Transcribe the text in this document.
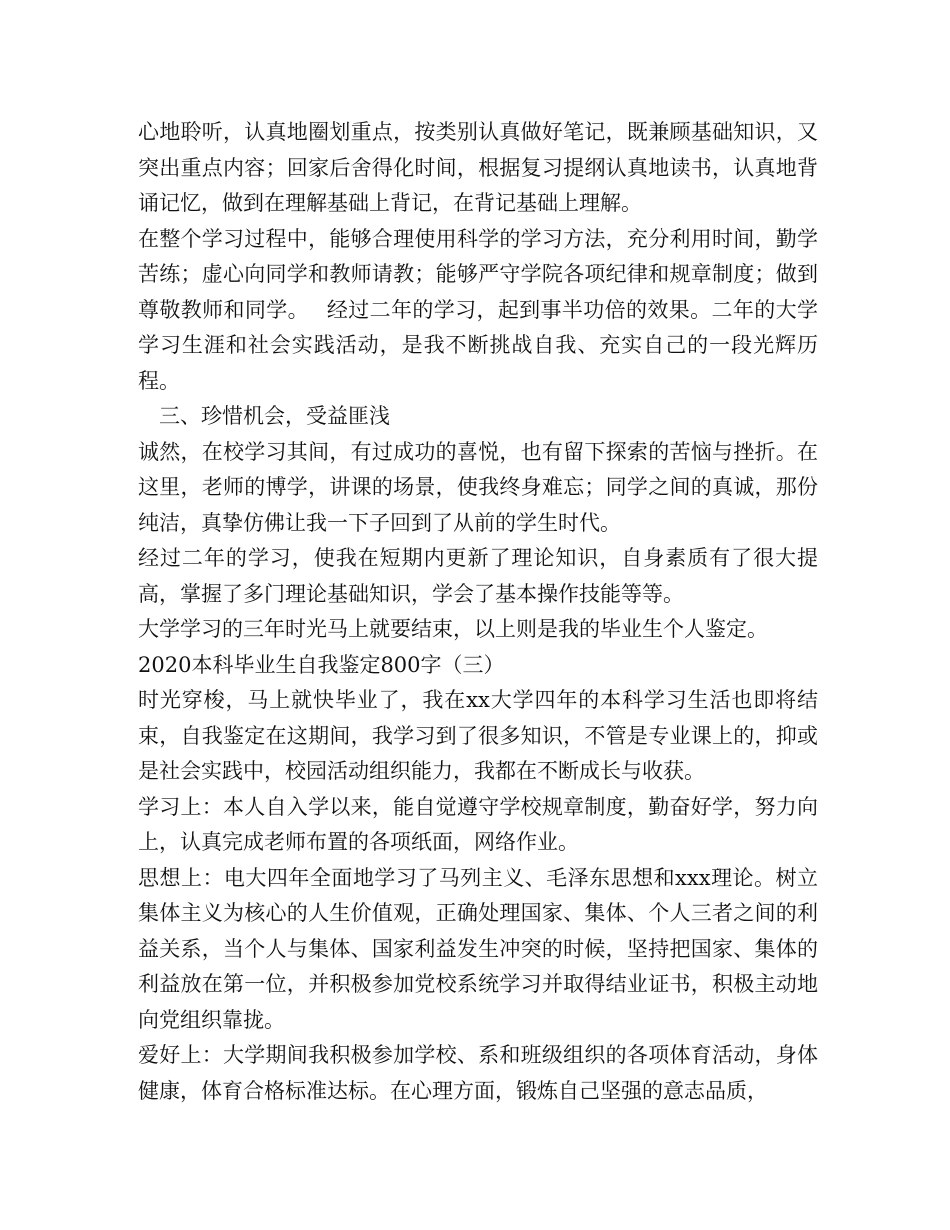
心地聆听，认真地圈划重点，按类别认真做好笔记，既兼顾基础知识，又突出重点内容；回家后舍得化时间，根据复习提纲认真地读书，认真地背诵记忆，做到在理解基础上背记，在背记基础上理解。

在整个学习过程中，能够合理使用科学的学习方法，充分利用时间，勤学苦练；虚心向同学和教师请教；能够严守学院各项纪律和规章制度；做到尊敬教师和同学。　 经过二年的学习，起到事半功倍的效果。二年的大学学习生涯和社会实践活动，是我不断挑战自我、充实自己的一段光辉历程。

三、珍惜机会，受益匪浅

诚然，在校学习其间，有过成功的喜悦，也有留下探索的苦恼与挫折。在这里，老师的博学，讲课的场景，使我终身难忘；同学之间的真诚，那份纯洁，真挚仿佛让我一下子回到了从前的学生时代。

经过二年的学习，使我在短期内更新了理论知识，自身素质有了很大提高，掌握了多门理论基础知识，学会了基本操作技能等等。

大学学习的三年时光马上就要结束，以上则是我的毕业生个人鉴定。

2020本科毕业生自我鉴定800字（三）

时光穿梭，马上就快毕业了，我在xx大学四年的本科学习生活也即将结束，自我鉴定在这期间，我学习到了很多知识，不管是专业课上的，抑或是社会实践中，校园活动组织能力，我都在不断成长与收获。

学习上：本人自入学以来，能自觉遵守学校规章制度，勤奋好学，努力向上，认真完成老师布置的各项纸面，网络作业。

思想上：电大四年全面地学习了马列主义、毛泽东思想和xxx理论。树立集体主义为核心的人生价值观，正确处理国家、集体、个人三者之间的利益关系，当个人与集体、国家利益发生冲突的时候，坚持把国家、集体的利益放在第一位，并积极参加党校系统学习并取得结业证书，积极主动地向党组织靠拢。

爱好上：大学期间我积极参加学校、系和班级组织的各项体育活动，身体健康，体育合格标准达标。在心理方面，锻炼自己坚强的意志品质，
